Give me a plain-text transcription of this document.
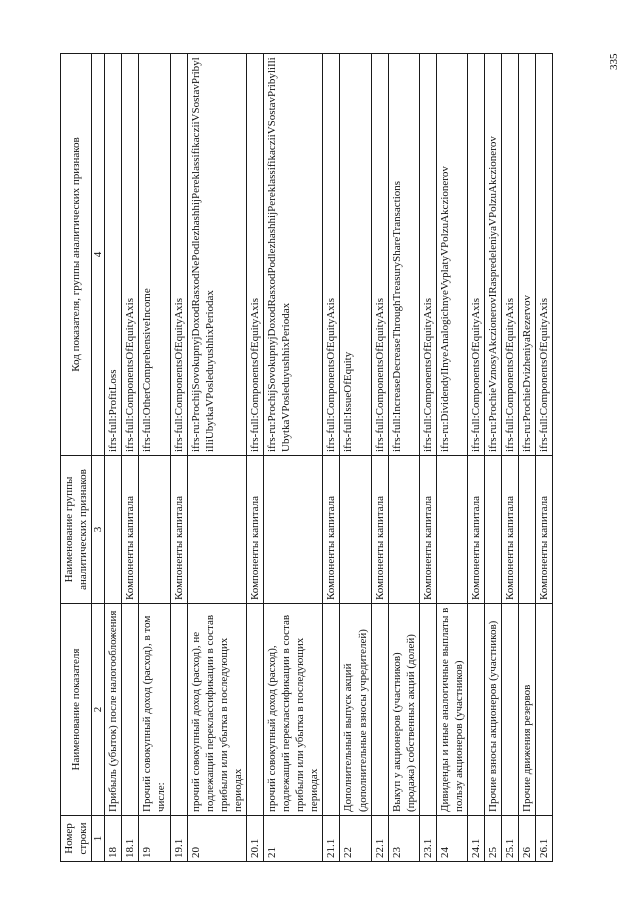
335
Номер строки	Наименование показателя	Наименование группы аналитических признаков	Код показателя, группы аналитических признаков
1	2	3	4
18	Прибыль (убыток) после налогообложения		ifrs-full:ProfitLoss
18.1		Компоненты капитала	ifrs-full:ComponentsOfEquityAxis
19	Прочий совокупный доход (расход), в том числе:		ifrs-full:OtherComprehensiveIncome
19.1		Компоненты капитала	ifrs-full:ComponentsOfEquityAxis
20	прочий совокупный доход (расход), не подлежащий переклассификации в состав прибыли или убытка в последующих периодах		ifrs-ru:ProchijSovokupnyjDoxodRasxodNePodlezhashhijPereklassifikacziiVSostavPribyliIliUbytkaVPosleduyushhixPeriodax
20.1		Компоненты капитала	ifrs-full:ComponentsOfEquityAxis
21	прочий совокупный доход (расход), подлежащий переклассификации в состав прибыли или убытка в последующих периодах		ifrs-ru:ProchijSovokupnyjDoxodRasxodPodlezhashhijPereklassifikacziiVSostavPribyliIliUbytkaVPosleduyushhixPeriodax
21.1		Компоненты капитала	ifrs-full:ComponentsOfEquityAxis
22	Дополнительный выпуск акций (дополнительные взносы учредителей)		ifrs-full:IssueOfEquity
22.1		Компоненты капитала	ifrs-full:ComponentsOfEquityAxis
23	Выкуп у акционеров (участников) (продажа) собственных акций (долей)		ifrs-full:IncreaseDecreaseThroughTreasuryShareTransactions
23.1		Компоненты капитала	ifrs-full:ComponentsOfEquityAxis
24	Дивиденды и иные аналогичные выплаты в пользу акционеров (участников)		ifrs-ru:DividendyIInyeAnalogichnyeVyplatyVPolzuAkczionerov
24.1		Компоненты капитала	ifrs-full:ComponentsOfEquityAxis
25	Прочие взносы акционеров (участников)		ifrs-ru:ProchieVznosyAkczionerovIRaspredeleniyaVPolzuAkczionerov
25.1		Компоненты капитала	ifrs-full:ComponentsOfEquityAxis
26	Прочие движения резервов		ifrs-ru:ProchieDvizheniyaRezervov
26.1		Компоненты капитала	ifrs-full:ComponentsOfEquityAxis
